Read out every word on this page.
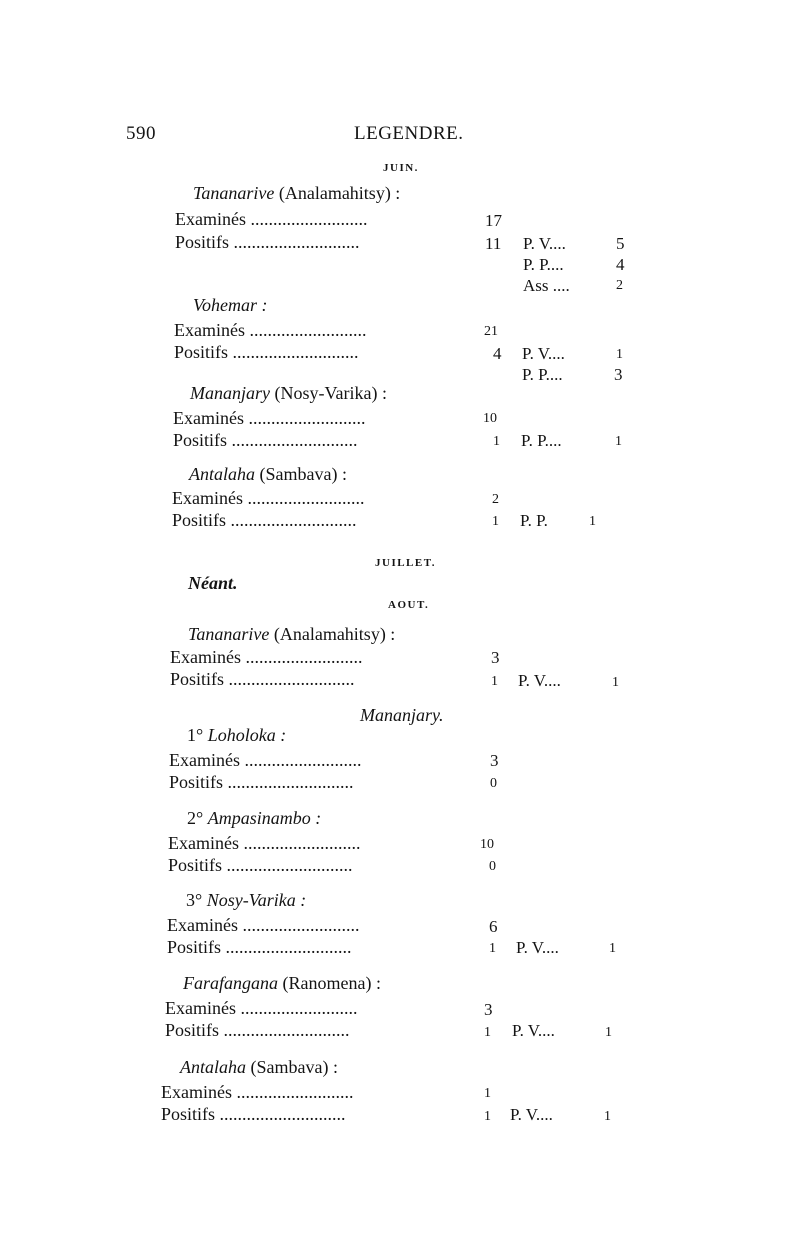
590	LEGENDRE.
JUIN.
Tananarive (Analamahitsy) :
Examinés ..........................	17
Positifs ............................	11 P. V....	5
P. P....	4
Ass ....	2
Vohemar :
Examinés ..........................	21
Positifs ............................	4 P. V....	1
P. P....	3
Mananjary (Nosy-Varika) :
Examinés ..........................	10
Positifs ............................	1 P. P....	1
Antalaha (Sambava) :
Examinés ..........................	2
Positifs ............................	1 P. P.	1
JUILLET.
Néant.
AOUT.
Tananarive (Analamahitsy) :
Examinés ..........................	3
Positifs ............................	1 P. V....	1
Mananjary.
1° Loholoka :
Examinés ..........................	3
Positifs ............................	0
2° Ampasinambo :
Examinés ..........................	10
Positifs ............................	0
3° Nosy-Varika :
Examinés ..........................	6
Positifs ............................	1 P. V....	1
Farafangana (Ranomena) :
Examinés ..........................	3
Positifs ............................	1 P. V....	1
Antalaha (Sambava) :
Examinés ..........................	1
Positifs ............................	1 P. V....	1
